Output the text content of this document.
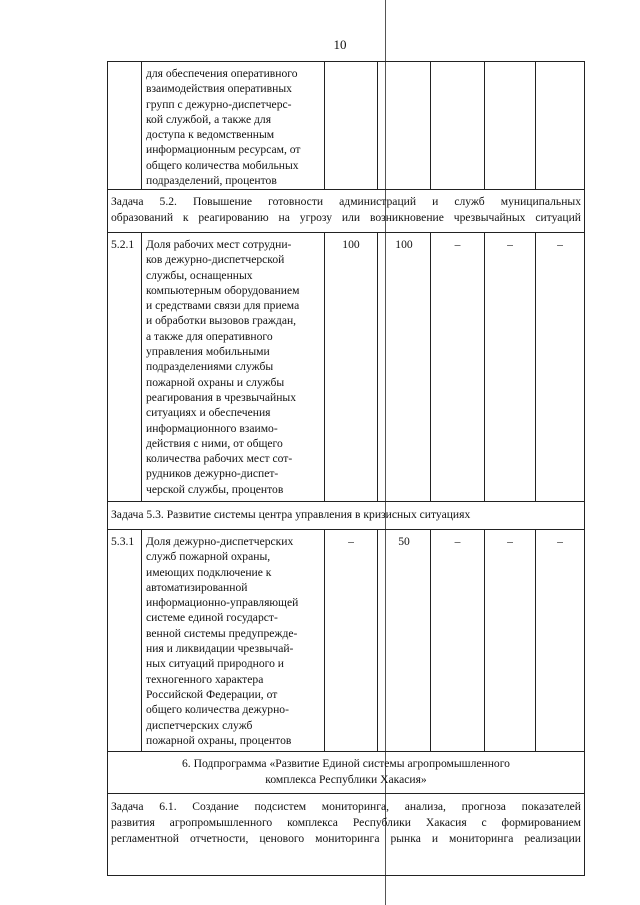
10
для обеспечения оперативного
взаимодействия оперативных
групп с дежурно-диспетчерс-
кой службой, а также для
доступа к ведомственным
информационным ресурсам, от
общего количества мобильных
подразделений, процентов
Задача 5.2. Повышение готовности администраций и служб муниципальных
образований к реагированию на угрозу или возникновение чрезвычайных ситуаций
5.2.1	Доля рабочих мест сотрудни-
ков дежурно-диспетчерской
службы, оснащенных
компьютерным оборудованием
и средствами связи для приема
и обработки вызовов граждан,
а также для оперативного
управления мобильными
подразделениями службы
пожарной охраны и службы
реагирования в чрезвычайных
ситуациях и обеспечения
информационного взаимо-
действия с ними, от общего
количества рабочих мест сот-
рудников дежурно-диспет-
черской службы, процентов
100	100	–	–	–
Задача 5.3. Развитие системы центра управления в кризисных ситуациях
5.3.1	Доля дежурно-диспетчерских
служб пожарной охраны,
имеющих подключение к
автоматизированной
информационно-управляющей
системе единой государст-
венной системы предупрежде-
ния и ликвидации чрезвычай-
ных ситуаций природного и
техногенного характера
Российской Федерации, от
общего количества дежурно-
диспетчерских служб
пожарной охраны, процентов
–	50	–	–	–
6. Подпрограмма «Развитие Единой системы агропромышленного
комплекса Республики Хакасия»
Задача 6.1. Создание подсистем мониторинга, анализа, прогноза показателей
развития агропромышленного комплекса Республики Хакасия с формированием
регламентной отчетности, ценового мониторинга рынка и мониторинга реализации
